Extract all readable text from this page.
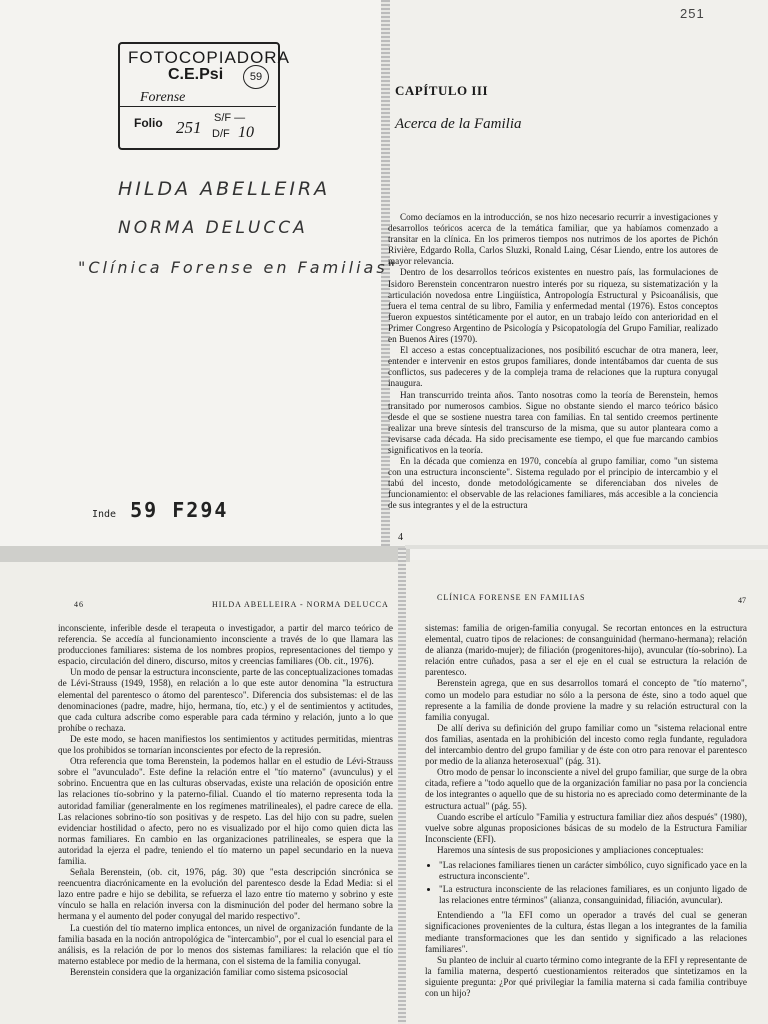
251
FOTOCOPIADORA
C.E.Psi	59
Forense
Folio 251 S/F —
D/F 10
HILDA ABELLEIRA
NORMA DELUCCA
"Clínica Forense en Familias"
Inde 59 F294
CAPÍTULO III
Acerca de la Familia

Como decíamos en la introducción, se nos hizo necesario recurrir a investigaciones y desarrollos teóricos acerca de la temática familiar, que ya habíamos comenzado a transitar en la clínica. En los primeros tiempos nos nutrimos de los aportes de Pichón Rivière, Edgardo Rolla, Carlos Sluzki, Ronald Laing, César Liendo, entre los autores de mayor relevancia.

Dentro de los desarrollos teóricos existentes en nuestro país, las formulaciones de Isidoro Berenstein concentraron nuestro interés por su riqueza, su sistematización y la articulación novedosa entre Lingüística, Antropología Estructural y Psicoanálisis, que fuera el tema central de su libro, Familia y enfermedad mental (1976). Estos conceptos fueron expuestos sintéticamente por el autor, en un trabajo leído con anterioridad en el Primer Congreso Argentino de Psicología y Psicopatología del Grupo Familiar, realizado en Buenos Aires (1970).

El acceso a estas conceptualizaciones, nos posibilitó escuchar de otra manera, leer, entender e intervenir en estos grupos familiares, donde intentábamos dar cuenta de sus conflictos, sus padeceres y de la compleja trama de relaciones que la ruptura conyugal inaugura.

Han transcurrido treinta años. Tanto nosotras como la teoría de Berenstein, hemos transitado por numerosos cambios. Sigue no obstante siendo el marco teórico básico desde el que se sostiene nuestra tarea con familias. En tal sentido creemos pertinente realizar una breve síntesis del transcurso de la misma, que su autor planteara como a revisarse cada década. Ha sido precisamente ese tiempo, el que fue marcando cambios significativos en la teoría.

En la década que comienza en 1970, concebía al grupo familiar, como "un sistema con una estructura inconsciente". Sistema regulado por el principio de intercambio y el tabú del incesto, donde metodológicamente se diferenciaban dos niveles de funcionamiento: el observable de las relaciones familiares, más accesible a la conciencia de sus integrantes y el de la estructura

4
46	HILDA ABELLEIRA - NORMA DELUCCA

inconsciente, inferible desde el terapeuta o investigador, a partir del marco teórico de referencia. Se accedía al funcionamiento inconsciente a través de lo que llamara las producciones familiares: sistema de los nombres propios, representaciones del tiempo y espacio, circulación del dinero, discurso, mitos y creencias familiares (Ob. cit., 1976).

Un modo de pensar la estructura inconsciente, parte de las conceptualizaciones tomadas de Lévi-Strauss (1949, 1958), en relación a lo que este autor denomina "la estructura elemental del parentesco o átomo del parentesco". Diferencia dos subsistemas: el de las denominaciones (padre, madre, hijo, hermana, tío, etc.) y el de sentimientos y actitudes, que cada cultura adscribe como esperable para cada término y relación, junto a lo que prohíbe o rechaza.

De este modo, se hacen manifiestos los sentimientos y actitudes permitidas, mientras que los prohibidos se tornarían inconscientes por efecto de la represión.

Otra referencia que toma Berenstein, la podemos hallar en el estudio de Lévi-Strauss sobre el "avunculado". Este define la relación entre el "tío materno" (avunculus) y el sobrino. Encuentra que en las culturas observadas, existe una relación de oposición entre las relaciones tío-sobrino y la paterno-filial. Cuando el tío materno representa toda la autoridad familiar (generalmente en los regímenes matrilineales), el padre carece de ella. Las relaciones sobrino-tío son positivas y de respeto. Las del hijo con su padre, suelen evidenciar hostilidad o afecto, pero no es visualizado por el hijo como quien dicta las normas familiares. En cambio en las organizaciones patrilineales, se espera que la autoridad la ejerza el padre, teniendo el tío materno un papel secundario en la nueva familia.

Señala Berenstein, (ob. cit, 1976, pág. 30) que "esta descripción sincrónica se reencuentra diacrónicamente en la evolución del parentesco desde la Edad Media: si el lazo entre padre e hijo se debilita, se refuerza el lazo entre tío materno y sobrino y este vínculo se halla en relación inversa con la disminución del poder del hermano sobre la hermana y el aumento del poder conyugal del marido respectivo".

La cuestión del tío materno implica entonces, un nivel de organización fundante de la familia basada en la noción antropológica de "intercambio", por el cual lo esencial para el análisis, es la relación de por lo menos dos sistemas familiares: la relación que el tío materno establece por medio de la hermana, con el sistema de la familia conyugal.

Berenstein considera que la organización familiar como sistema psicosocial

CLÍNICA FORENSE EN FAMILIAS	47

sistemas: familia de origen-familia conyugal. Se recortan entonces en la estructura elemental, cuatro tipos de relaciones: de consanguinidad (hermano-hermana); relación de alianza (marido-mujer); de filiación (progenitores-hijo), avuncular (tío-sobrino). La relación entre cuñados, pasa a ser el eje en el cual se estructura la relación de parentesco.

Berenstein agrega, que en sus desarrollos tomará el concepto de "tío materno", como un modelo para estudiar no sólo a la persona de éste, sino a todo aquel que represente a la familia de donde proviene la madre y su relación estructural con la familia conyugal.

De allí deriva su definición del grupo familiar como un "sistema relacional entre dos familias, asentada en la prohibición del incesto como regla fundante, reguladora del intercambio dentro del grupo familiar y de éste con otro para renovar el parentesco por medio de la alianza heterosexual" (pág. 31).

Otro modo de pensar lo inconsciente a nivel del grupo familiar, que surge de la obra citada, refiere a "todo aquello que de la organización familiar no pasa por la conciencia de los integrantes o aquello que de su historia no es apreciado como determinante de la estructura actual" (pág. 55).

Cuando escribe el artículo "Familia y estructura familiar diez años después" (1980), vuelve sobre algunas proposiciones básicas de su modelo de la Estructura Familiar Inconsciente (EFI).

Haremos una síntesis de sus proposiciones y ampliaciones conceptuales:

• "Las relaciones familiares tienen un carácter simbólico, cuyo significado yace en la estructura inconsciente".
• "La estructura inconsciente de las relaciones familiares, es un conjunto ligado de las relaciones entre términos" (alianza, consanguinidad, filiación, avuncular).

Entendiendo a "la EFI como un operador a través del cual se generan significaciones provenientes de la cultura, éstas llegan a los integrantes de la familia mediante transformaciones que les dan sentido y significado a las relaciones familiares".

Su planteo de incluir al cuarto término como integrante de la EFI y representante de la familia materna, despertó cuestionamientos reiterados que sintetizamos en la siguiente pregunta: ¿Por qué privilegiar la familia materna si cada familia contribuye con un hijo?
